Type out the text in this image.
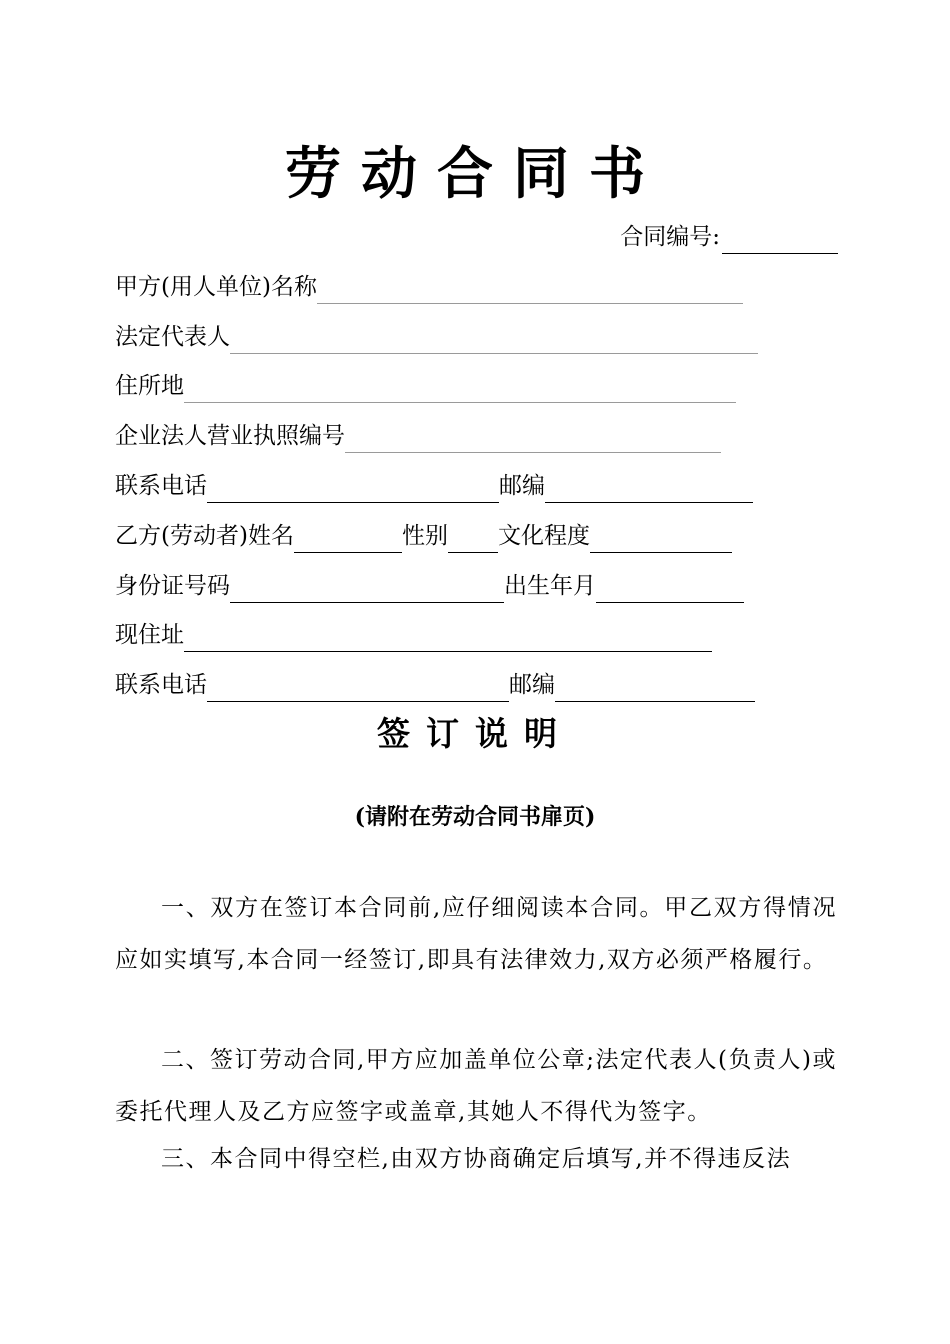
劳动合同书
合同编号:
甲方(用人单位)名称
法定代表人
住所地
企业法人营业执照编号
联系电话	邮编
乙方(劳动者)姓名	性别 文化程度
身份证号码	出生年月
现住址
联系电话	邮编
签订说明
(请附在劳动合同书扉页)

一、双方在签订本合同前,应仔细阅读本合同。甲乙双方得情况应如实填写,本合同一经签订,即具有法律效力,双方必须严格履行。

二、签订劳动合同,甲方应加盖单位公章;法定代表人(负责人)或委托代理人及乙方应签字或盖章,其她人不得代为签字。

三、本合同中得空栏,由双方协商确定后填写,并不得违反法
